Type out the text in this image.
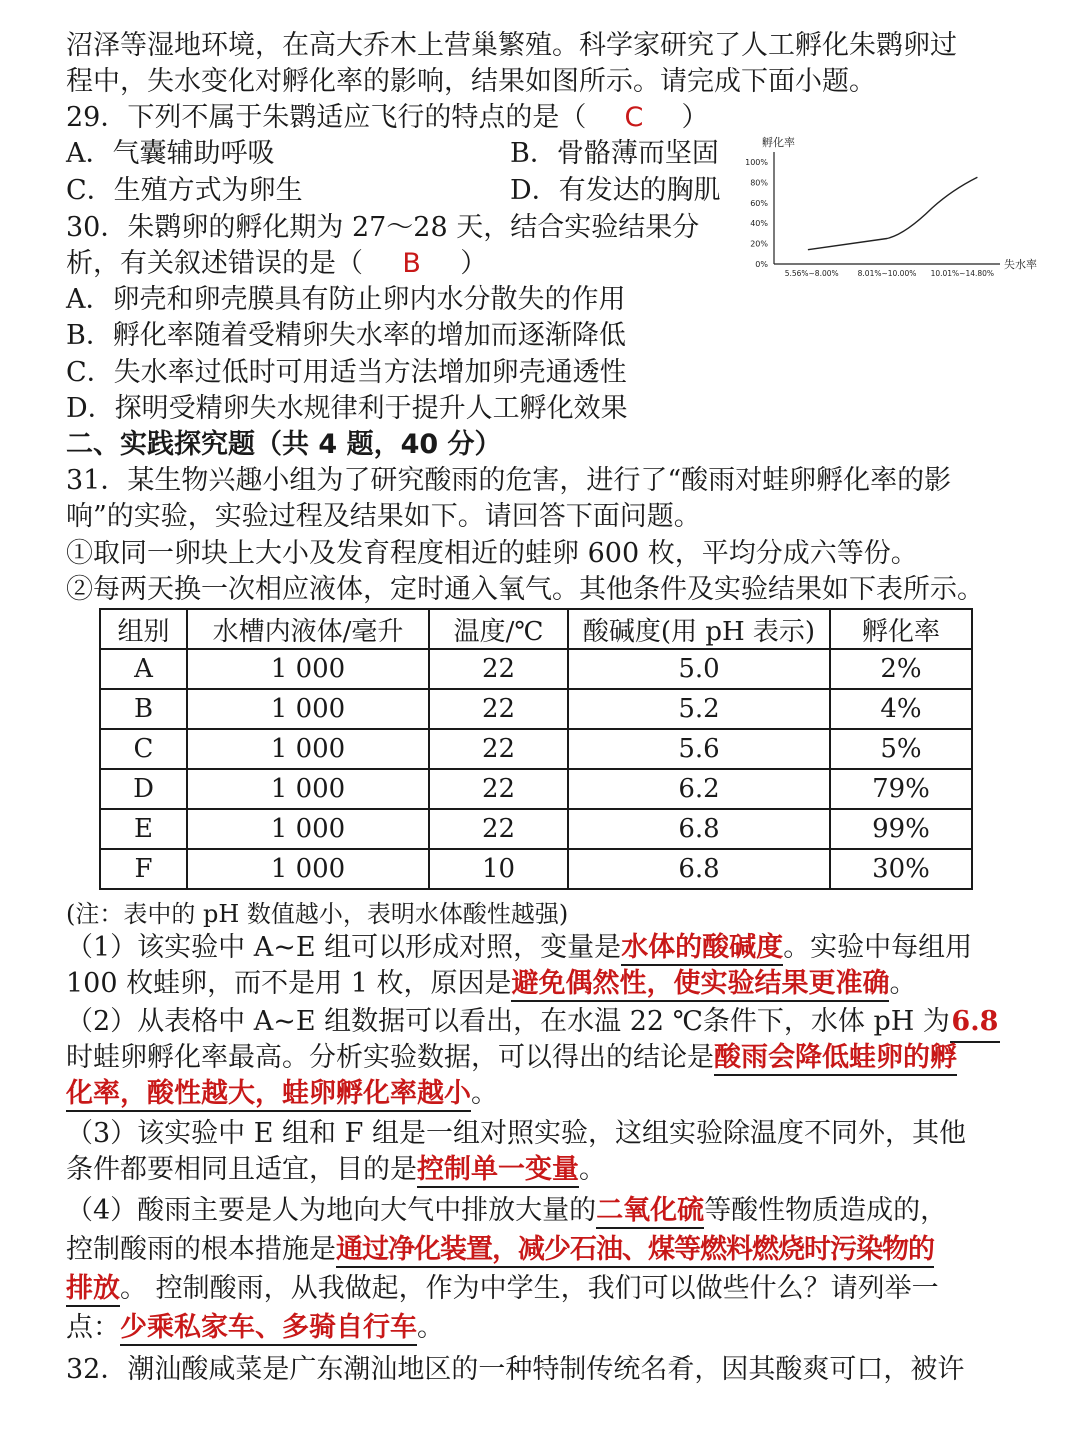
沼泽等湿地环境，在高大乔木上营巢繁殖。科学家研究了人工孵化朱鹮卵过
程中，失水变化对孵化率的影响，结果如图所示。请完成下面小题。
29．下列不属于朱鹮适应飞行的特点的是（ C ）
A．气囊辅助呼吸	B．骨骼薄而坚固
C．生殖方式为卵生	D．有发达的胸肌
30．朱鹮卵的孵化期为 27～28 天，结合实验结果分
析，有关叙述错误的是（ B ）
A．卵壳和卵壳膜具有防止卵内水分散失的作用
B．孵化率随着受精卵失水率的增加而逐渐降低
C．失水率过低时可用适当方法增加卵壳通透性
D．探明受精卵失水规律利于提升人工孵化效果
孵化率
失水率
0%
20%
40%
60%
80%
100%
5.56%~8.00%	8.01%~10.00% 10.01%~14.80%
二、实践探究题（共 4 题，40 分）
31．某生物兴趣小组为了研究酸雨的危害，进行了“酸雨对蛙卵孵化率的影
响”的实验，实验过程及结果如下。请回答下面问题。
①取同一卵块上大小及发育程度相近的蛙卵 600 枚，平均分成六等份。
②每两天换一次相应液体，定时通入氧气。其他条件及实验结果如下表所示。
组别	水槽内液体/毫升	温度/℃	酸碱度(用 pH 表示)	孵化率
A	1 000	22	5.0	2%
B	1 000	22	5.2	4%
C	1 000	22	5.6	5%
D	1 000	22	6.2	79%
E	1 000	22	6.8	99%
F	1 000	10	6.8	30%
(注：表中的 pH 数值越小，表明水体酸性越强)
（1）该实验中 A~E 组可以形成对照，变量是水体的酸碱度。实验中每组用
100 枚蛙卵，而不是用 1 枚，原因是避免偶然性，使实验结果更准确。
（2）从表格中 A~E 组数据可以看出，在水温 22 ℃条件下，水体 pH 为6.8
时蛙卵孵化率最高。分析实验数据，可以得出的结论是酸雨会降低蛙卵的孵
化率，酸性越大，蛙卵孵化率越小。
（3）该实验中 E 组和 F 组是一组对照实验，这组实验除温度不同外，其他
条件都要相同且适宜，目的是控制单一变量。
（4）酸雨主要是人为地向大气中排放大量的二氧化硫等酸性物质造成的，
控制酸雨的根本措施是通过净化装置，减少石油、煤等燃料燃烧时污染物的
排放。 控制酸雨，从我做起，作为中学生，我们可以做些什么？请列举一
点：少乘私家车、多骑自行车。
32．潮汕酸咸菜是广东潮汕地区的一种特制传统名肴，因其酸爽可口，被许
